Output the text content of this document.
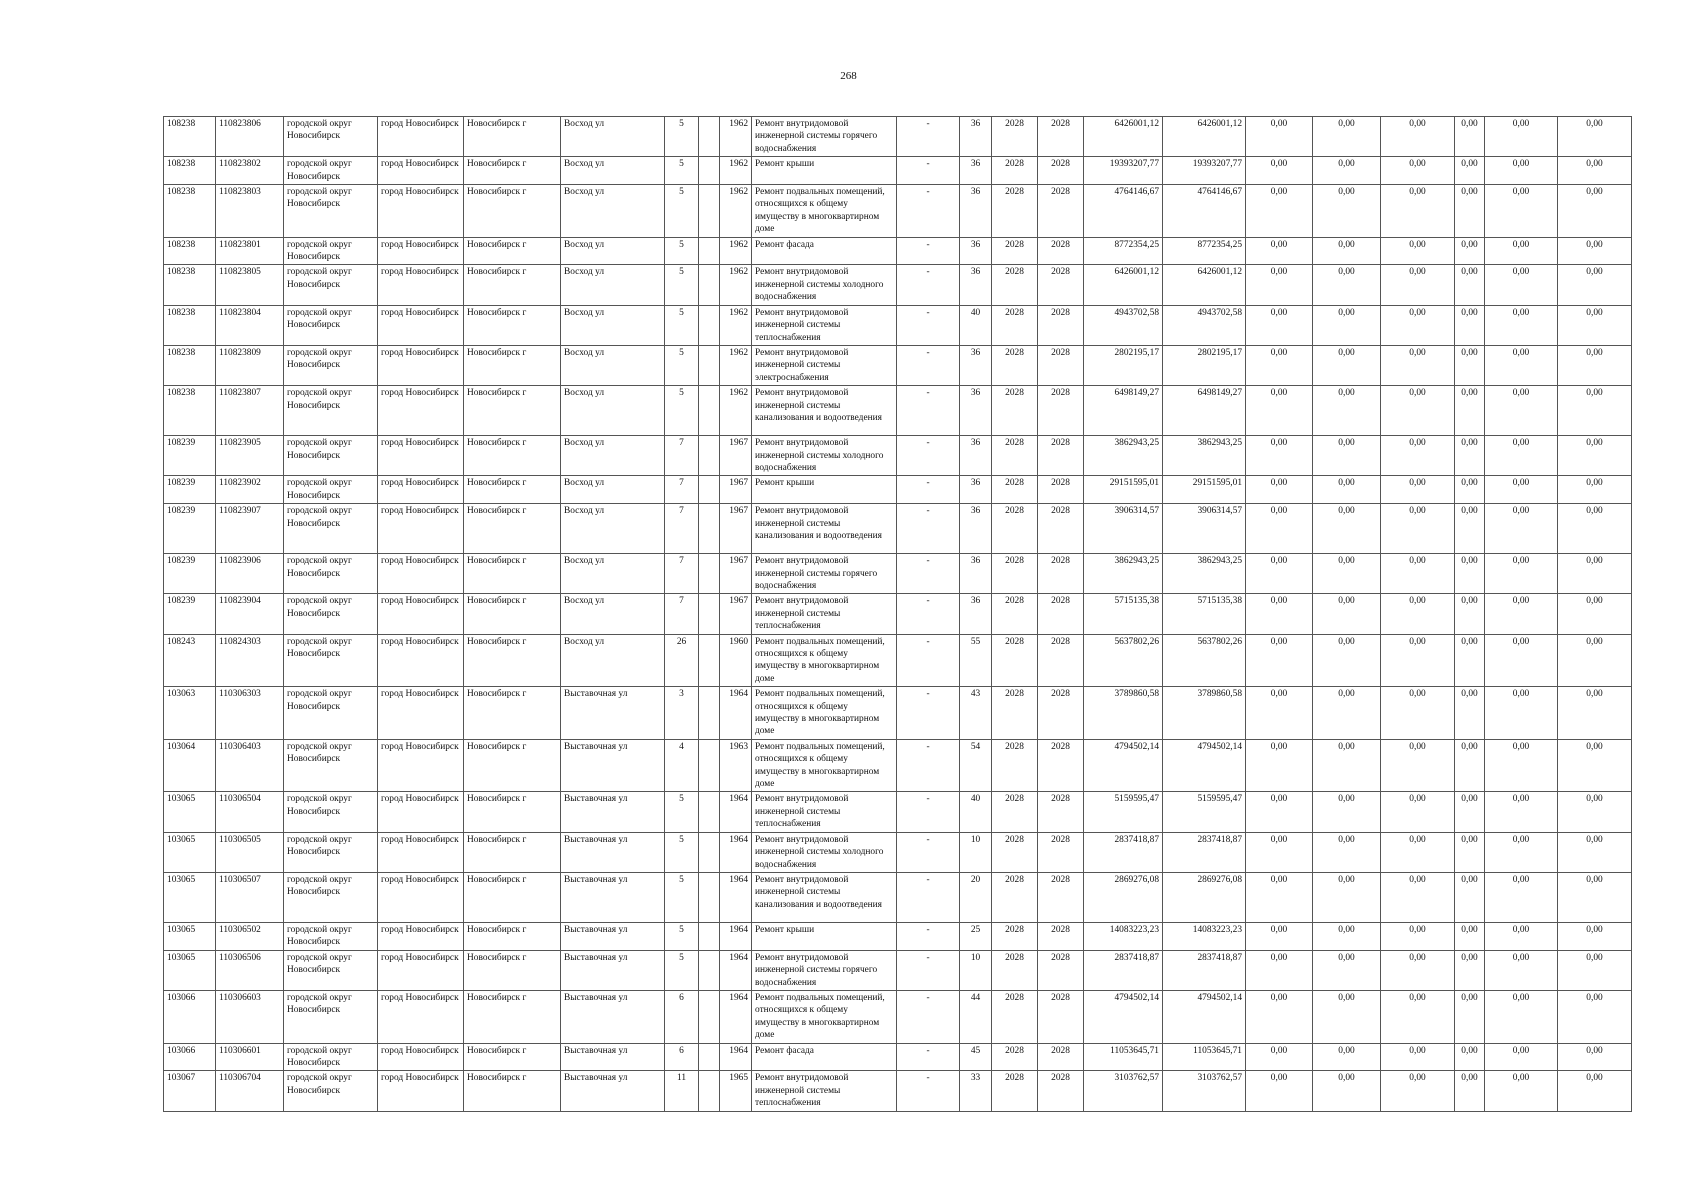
268
108238	110823806	городской округ Новосибирск	город Новосибирск	Новосибирск г	Восход ул	5		1962	Ремонт внутридомовой инженерной системы горячего водоснабжения	-	36	2028	2028	6426001,12	6426001,12	0,00	0,00	0,00	0,00	0,00	0,00
108238	110823802	городской округ Новосибирск	город Новосибирск	Новосибирск г	Восход ул	5		1962	Ремонт крыши	-	36	2028	2028	19393207,77	19393207,77	0,00	0,00	0,00	0,00	0,00	0,00
108238	110823803	городской округ Новосибирск	город Новосибирск	Новосибирск г	Восход ул	5		1962	Ремонт подвальных помещений, относящихся к общему имуществу в многоквартирном доме	-	36	2028	2028	4764146,67	4764146,67	0,00	0,00	0,00	0,00	0,00	0,00
108238	110823801	городской округ Новосибирск	город Новосибирск	Новосибирск г	Восход ул	5		1962	Ремонт фасада	-	36	2028	2028	8772354,25	8772354,25	0,00	0,00	0,00	0,00	0,00	0,00
108238	110823805	городской округ Новосибирск	город Новосибирск	Новосибирск г	Восход ул	5		1962	Ремонт внутридомовой инженерной системы холодного водоснабжения	-	36	2028	2028	6426001,12	6426001,12	0,00	0,00	0,00	0,00	0,00	0,00
108238	110823804	городской округ Новосибирск	город Новосибирск	Новосибирск г	Восход ул	5		1962	Ремонт внутридомовой инженерной системы теплоснабжения	-	40	2028	2028	4943702,58	4943702,58	0,00	0,00	0,00	0,00	0,00	0,00
108238	110823809	городской округ Новосибирск	город Новосибирск	Новосибирск г	Восход ул	5		1962	Ремонт внутридомовой инженерной системы электроснабжения	-	36	2028	2028	2802195,17	2802195,17	0,00	0,00	0,00	0,00	0,00	0,00
108238	110823807	городской округ Новосибирск	город Новосибирск	Новосибирск г	Восход ул	5		1962	Ремонт внутридомовой инженерной системы канализования и водоотведения	-	36	2028	2028	6498149,27	6498149,27	0,00	0,00	0,00	0,00	0,00	0,00
108239	110823905	городской округ Новосибирск	город Новосибирск	Новосибирск г	Восход ул	7		1967	Ремонт внутридомовой инженерной системы холодного водоснабжения	-	36	2028	2028	3862943,25	3862943,25	0,00	0,00	0,00	0,00	0,00	0,00
108239	110823902	городской округ Новосибирск	город Новосибирск	Новосибирск г	Восход ул	7		1967	Ремонт крыши	-	36	2028	2028	29151595,01	29151595,01	0,00	0,00	0,00	0,00	0,00	0,00
108239	110823907	городской округ Новосибирск	город Новосибирск	Новосибирск г	Восход ул	7		1967	Ремонт внутридомовой инженерной системы канализования и водоотведения	-	36	2028	2028	3906314,57	3906314,57	0,00	0,00	0,00	0,00	0,00	0,00
108239	110823906	городской округ Новосибирск	город Новосибирск	Новосибирск г	Восход ул	7		1967	Ремонт внутридомовой инженерной системы горячего водоснабжения	-	36	2028	2028	3862943,25	3862943,25	0,00	0,00	0,00	0,00	0,00	0,00
108239	110823904	городской округ Новосибирск	город Новосибирск	Новосибирск г	Восход ул	7		1967	Ремонт внутридомовой инженерной системы теплоснабжения	-	36	2028	2028	5715135,38	5715135,38	0,00	0,00	0,00	0,00	0,00	0,00
108243	110824303	городской округ Новосибирск	город Новосибирск	Новосибирск г	Восход ул	26		1960	Ремонт подвальных помещений, относящихся к общему имуществу в многоквартирном доме	-	55	2028	2028	5637802,26	5637802,26	0,00	0,00	0,00	0,00	0,00	0,00
103063	110306303	городской округ Новосибирск	город Новосибирск	Новосибирск г	Выставочная ул	3		1964	Ремонт подвальных помещений, относящихся к общему имуществу в многоквартирном доме	-	43	2028	2028	3789860,58	3789860,58	0,00	0,00	0,00	0,00	0,00	0,00
103064	110306403	городской округ Новосибирск	город Новосибирск	Новосибирск г	Выставочная ул	4		1963	Ремонт подвальных помещений, относящихся к общему имуществу в многоквартирном доме	-	54	2028	2028	4794502,14	4794502,14	0,00	0,00	0,00	0,00	0,00	0,00
103065	110306504	городской округ Новосибирск	город Новосибирск	Новосибирск г	Выставочная ул	5		1964	Ремонт внутридомовой инженерной системы теплоснабжения	-	40	2028	2028	5159595,47	5159595,47	0,00	0,00	0,00	0,00	0,00	0,00
103065	110306505	городской округ Новосибирск	город Новосибирск	Новосибирск г	Выставочная ул	5		1964	Ремонт внутридомовой инженерной системы холодного водоснабжения	-	10	2028	2028	2837418,87	2837418,87	0,00	0,00	0,00	0,00	0,00	0,00
103065	110306507	городской округ Новосибирск	город Новосибирск	Новосибирск г	Выставочная ул	5		1964	Ремонт внутридомовой инженерной системы канализования и водоотведения	-	20	2028	2028	2869276,08	2869276,08	0,00	0,00	0,00	0,00	0,00	0,00
103065	110306502	городской округ Новосибирск	город Новосибирск	Новосибирск г	Выставочная ул	5		1964	Ремонт крыши	-	25	2028	2028	14083223,23	14083223,23	0,00	0,00	0,00	0,00	0,00	0,00
103065	110306506	городской округ Новосибирск	город Новосибирск	Новосибирск г	Выставочная ул	5		1964	Ремонт внутридомовой инженерной системы горячего водоснабжения	-	10	2028	2028	2837418,87	2837418,87	0,00	0,00	0,00	0,00	0,00	0,00
103066	110306603	городской округ Новосибирск	город Новосибирск	Новосибирск г	Выставочная ул	6		1964	Ремонт подвальных помещений, относящихся к общему имуществу в многоквартирном доме	-	44	2028	2028	4794502,14	4794502,14	0,00	0,00	0,00	0,00	0,00	0,00
103066	110306601	городской округ Новосибирск	город Новосибирск	Новосибирск г	Выставочная ул	6		1964	Ремонт фасада	-	45	2028	2028	11053645,71	11053645,71	0,00	0,00	0,00	0,00	0,00	0,00
103067	110306704	городской округ Новосибирск	город Новосибирск	Новосибирск г	Выставочная ул	11		1965	Ремонт внутридомовой инженерной системы теплоснабжения	-	33	2028	2028	3103762,57	3103762,57	0,00	0,00	0,00	0,00	0,00	0,00
